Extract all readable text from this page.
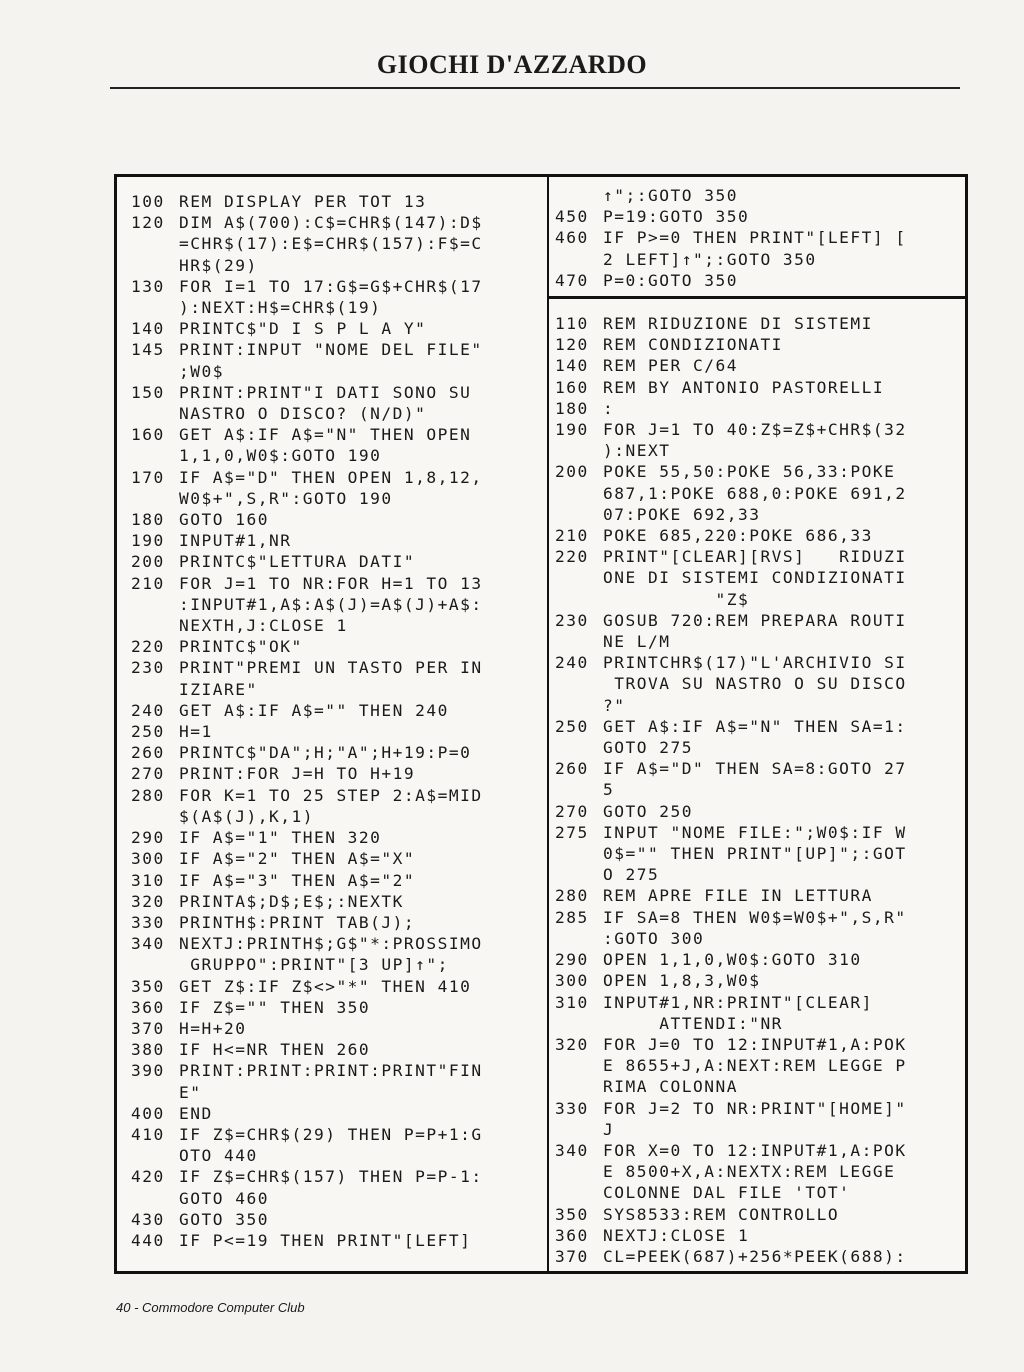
GIOCHI D'AZZARDO
100 REM DISPLAY PER TOT 13
120 DIM A$(700):C$=CHR$(147):D$
=CHR$(17):E$=CHR$(157):F$=C
HR$(29)
130 FOR I=1 TO 17:G$=G$+CHR$(17
):NEXT:H$=CHR$(19)
140 PRINTC$"D I S P L A Y"
145 PRINT:INPUT "NOME DEL FILE"
;W0$
150 PRINT:PRINT"I DATI SONO SU
NASTRO O DISCO? (N/D)"
160 GET A$:IF A$="N" THEN OPEN
1,1,0,W0$:GOTO 190
170 IF A$="D" THEN OPEN 1,8,12,
W0$+",S,R":GOTO 190
180 GOTO 160
190 INPUT#1,NR
200 PRINTC$"LETTURA DATI"
210 FOR J=1 TO NR:FOR H=1 TO 13
:INPUT#1,A$:A$(J)=A$(J)+A$:
NEXTH,J:CLOSE 1
220 PRINTC$"OK"
230 PRINT"PREMI UN TASTO PER IN
IZIARE"
240 GET A$:IF A$="" THEN 240
250 H=1
260 PRINTC$"DA";H;"A";H+19:P=0
270 PRINT:FOR J=H TO H+19
280 FOR K=1 TO 25 STEP 2:A$=MID
$(A$(J),K,1)
290 IF A$="1" THEN 320
300 IF A$="2" THEN A$="X"
310 IF A$="3" THEN A$="2"
320 PRINTA$;D$;E$;:NEXTK
330 PRINTH$:PRINT TAB(J);
340 NEXTJ:PRINTH$;G$"*:PROSSIMO
GRUPPO":PRINT"[3 UP]↑";
350 GET Z$:IF Z$<>"*" THEN 410
360 IF Z$="" THEN 350
370 H=H+20
380 IF H<=NR THEN 260
390 PRINT:PRINT:PRINT:PRINT"FIN
E"
400 END
410 IF Z$=CHR$(29) THEN P=P+1:G
OTO 440
420 IF Z$=CHR$(157) THEN P=P-1:
GOTO 460
430 GOTO 350
440 IF P<=19 THEN PRINT"[LEFT]
↑";:GOTO 350
450 P=19:GOTO 350
460 IF P>=0 THEN PRINT"[LEFT] [
2 LEFT]↑";:GOTO 350
470 P=0:GOTO 350
110 REM RIDUZIONE DI SISTEMI
120 REM CONDIZIONATI
140 REM PER C/64
160 REM BY ANTONIO PASTORELLI
180 :
190 FOR J=1 TO 40:Z$=Z$+CHR$(32
):NEXT
200 POKE 55,50:POKE 56,33:POKE
687,1:POKE 688,0:POKE 691,2
07:POKE 692,33
210 POKE 685,220:POKE 686,33
220 PRINT"[CLEAR][RVS]   RIDUZI
ONE DI SISTEMI CONDIZIONATI
"Z$
230 GOSUB 720:REM PREPARA ROUTI
NE L/M
240 PRINTCHR$(17)"L'ARCHIVIO SI
TROVA SU NASTRO O SU DISCO
?"
250 GET A$:IF A$="N" THEN SA=1:
GOTO 275
260 IF A$="D" THEN SA=8:GOTO 27
5
270 GOTO 250
275 INPUT "NOME FILE:";W0$:IF W
0$="" THEN PRINT"[UP]";:GOT
O 275
280 REM APRE FILE IN LETTURA
285 IF SA=8 THEN W0$=W0$+",S,R"
:GOTO 300
290 OPEN 1,1,0,W0$:GOTO 310
300 OPEN 1,8,3,W0$
310 INPUT#1,NR:PRINT"[CLEAR]
ATTENDI:"NR
320 FOR J=0 TO 12:INPUT#1,A:POK
E 8655+J,A:NEXT:REM LEGGE P
RIMA COLONNA
330 FOR J=2 TO NR:PRINT"[HOME]"
J
340 FOR X=0 TO 12:INPUT#1,A:POK
E 8500+X,A:NEXTX:REM LEGGE
COLONNE DAL FILE 'TOT'
350 SYS8533:REM CONTROLLO
360 NEXTJ:CLOSE 1
370 CL=PEEK(687)+256*PEEK(688):
40 - Commodore Computer Club
